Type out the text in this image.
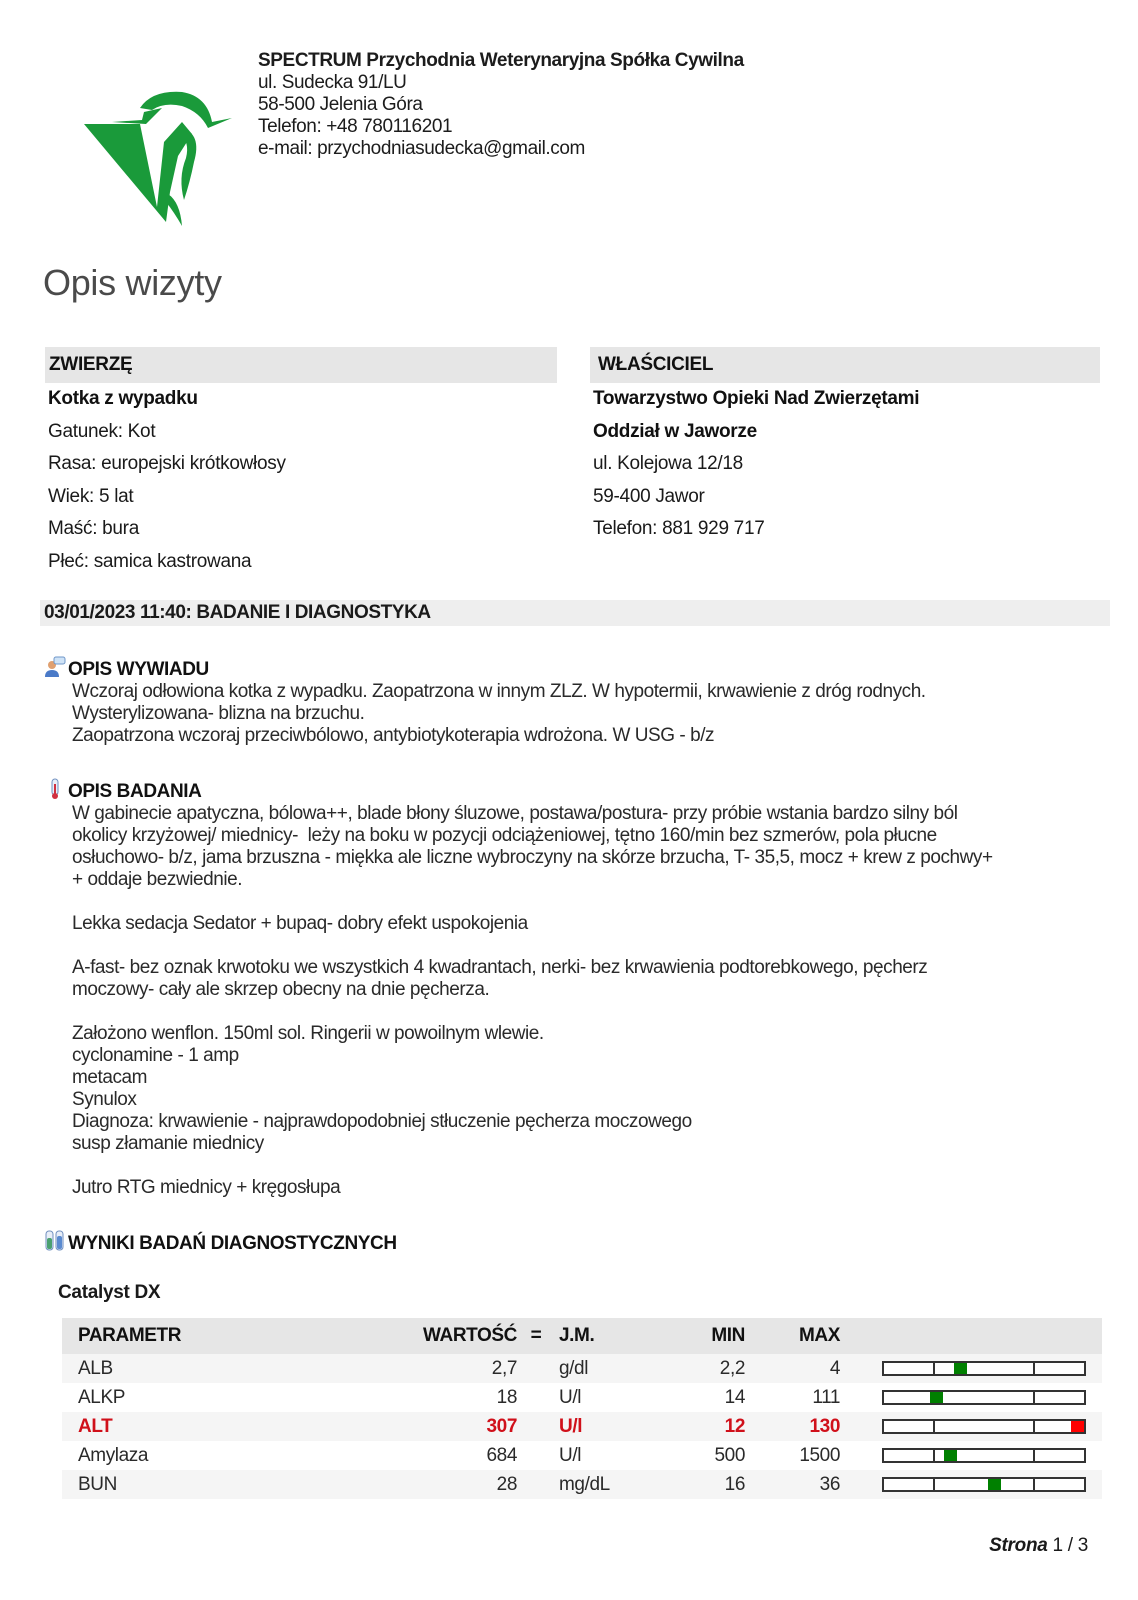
SPECTRUM Przychodnia Weterynaryjna Spółka Cywilna
ul. Sudecka 91/LU
58-500 Jelenia Góra
Telefon: +48 780116201
e-mail: przychodniasudecka@gmail.com
Opis wizyty
ZWIERZĘ
Kotka z wypadku
Gatunek: Kot
Rasa: europejski krótkowłosy
Wiek: 5 lat
Maść: bura
Płeć: samica kastrowana
WŁAŚCICIEL
Towarzystwo Opieki Nad Zwierzętami
Oddział w Jaworze
ul. Kolejowa 12/18
59-400 Jawor
Telefon: 881 929 717
03/01/2023 11:40: BADANIE I DIAGNOSTYKA
OPIS WYWIADU
Wczoraj odłowiona kotka z wypadku. Zaopatrzona w innym ZLZ. W hypotermii, krwawienie z dróg rodnych.
Wysterylizowana- blizna na brzuchu.
Zaopatrzona wczoraj przeciwbólowo, antybiotykoterapia wdrożona. W USG - b/z
OPIS BADANIA
W gabinecie apatyczna, bólowa++, blade błony śluzowe, postawa/postura- przy próbie wstania bardzo silny ból
okolicy krzyżowej/ miednicy-  leży na boku w pozycji odciążeniowej, tętno 160/min bez szmerów, pola płucne
osłuchowo- b/z, jama brzuszna - miękka ale liczne wybroczyny na skórze brzucha, T- 35,5, mocz + krew z pochwy+
+ oddaje bezwiednie.

Lekka sedacja Sedator + bupaq- dobry efekt uspokojenia

A-fast- bez oznak krwotoku we wszystkich 4 kwadrantach, nerki- bez krwawienia podtorebkowego, pęcherz
moczowy- cały ale skrzep obecny na dnie pęcherza.

Założono wenflon. 150ml sol. Ringerii w powoilnym wlewie.
cyclonamine - 1 amp
metacam
Synulox
Diagnoza: krwawienie - najprawdopodobniej stłuczenie pęcherza moczowego
susp złamanie miednicy

Jutro RTG miednicy + kręgosłupa
WYNIKI BADAŃ DIAGNOSTYCZNYCH
Catalyst DX
PARAMETR	WARTOŚĆ	=	J.M.	MIN	MAX	
ALB	2,7		g/dl	2,2	4	

ALKP	18		U/l	14	111	

ALT	307		U/l	12	130	

Amylaza	684		U/l	500	1500	

BUN	28		mg/dL	16	36	
Strona 1 / 3
